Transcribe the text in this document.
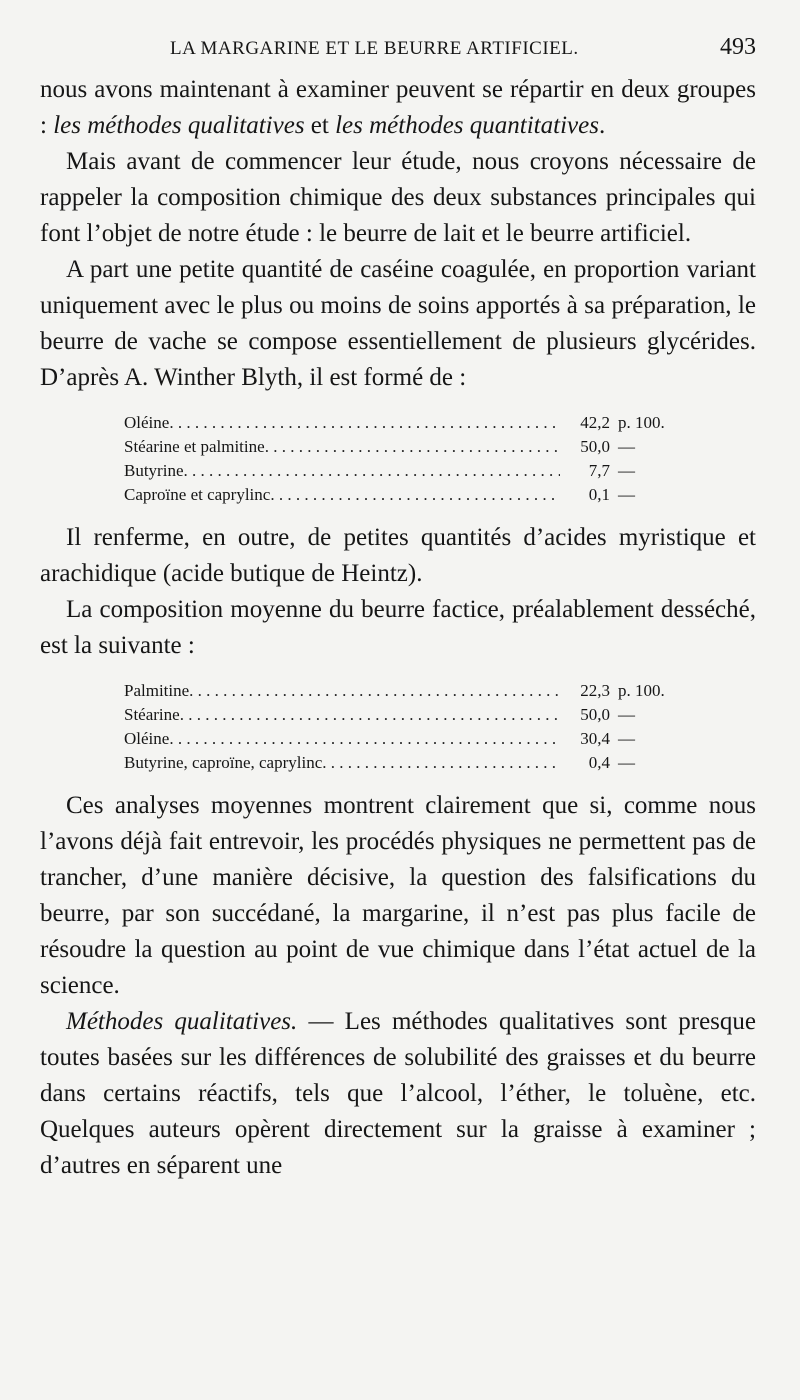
LA MARGARINE ET LE BEURRE ARTIFICIEL.	493

nous avons maintenant à examiner peuvent se répartir en deux groupes : les méthodes qualitatives et les méthodes quantitatives.

Mais avant de commencer leur étude, nous croyons nécessaire de rappeler la composition chimique des deux substances principales qui font l’objet de notre étude : le beurre de lait et le beurre artificiel.

A part une petite quantité de caséine coagulée, en proportion variant uniquement avec le plus ou moins de soins apportés à sa préparation, le beurre de vache se compose essentiellement de plusieurs glycérides. D’après A. Winther Blyth, il est formé de :

Oléine . . .	42,2 p. 100.
Stéarine et palmitine . . .	50,0 —
Butyrine . . .	7,7 —
Caproïne et caprylinc . . .	0,1 —

Il renferme, en outre, de petites quantités d’acides myristique et arachidique (acide butique de Heintz).

La composition moyenne du beurre factice, préalablement desséché, est la suivante :

Palmitine . . .	22,3 p. 100.
Stéarine . . .	50,0 —
Oléine . . .	30,4 —
Butyrine, caproïne, caprylinc . . .	0,4 —

Ces analyses moyennes montrent clairement que si, comme nous l’avons déjà fait entrevoir, les procédés physiques ne permettent pas de trancher, d’une manière décisive, la question des falsifications du beurre, par son succédané, la margarine, il n’est pas plus facile de résoudre la question au point de vue chimique dans l’état actuel de la science.

Méthodes qualitatives. — Les méthodes qualitatives sont presque toutes basées sur les différences de solubilité des graisses et du beurre dans certains réactifs, tels que l’alcool, l’éther, le toluène, etc. Quelques auteurs opèrent directement sur la graisse à examiner ; d’autres en séparent une
